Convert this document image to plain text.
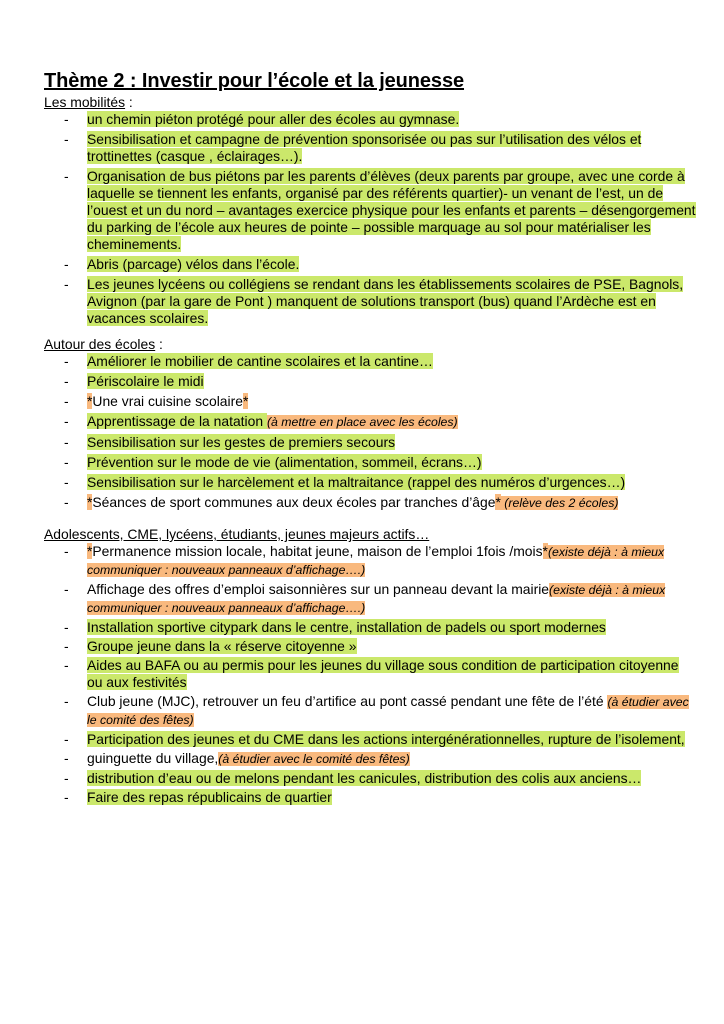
Thème 2 : Investir pour l’école et la jeunesse
Les mobilités :
- un chemin piéton protégé pour aller des écoles au gymnase.
- Sensibilisation et campagne de prévention sponsorisée ou pas sur l’utilisation des vélos et trottinettes (casque , éclairages…).
- Organisation de bus piétons par les parents d’élèves (deux parents par groupe, avec une corde à laquelle se tiennent les enfants, organisé par des référents quartier)- un venant de l’est, un de l’ouest et un du nord – avantages exercice physique pour les enfants et parents – désengorgement du parking de l’école aux heures de pointe – possible marquage au sol pour matérialiser les cheminements.
- Abris (parcage) vélos dans l’école.
- Les jeunes lycéens ou collégiens se rendant dans les établissements scolaires de PSE, Bagnols, Avignon (par la gare de Pont ) manquent de solutions transport (bus) quand l’Ardèche est en vacances scolaires.
Autour des écoles :
- Améliorer le mobilier de cantine scolaires et la cantine…
- Périscolaire le midi
- *Une vrai cuisine scolaire*
- Apprentissage de la natation (à mettre en place avec les écoles)
- Sensibilisation sur les gestes de premiers secours
- Prévention sur le mode de vie (alimentation, sommeil, écrans…)
- Sensibilisation sur le harcèlement et la maltraitance (rappel des numéros d’urgences…)
- *Séances de sport communes aux deux écoles par tranches d’âge* (relève des 2 écoles)
Adolescents, CME, lycéens, étudiants, jeunes majeurs actifs…
- *Permanence mission locale, habitat jeune, maison de l’emploi 1fois /mois*(existe déjà : à mieux communiquer : nouveaux panneaux d’affichage….)
- Affichage des offres d’emploi saisonnières sur un panneau devant la mairie(existe déjà : à mieux communiquer : nouveaux panneaux d’affichage….)
- Installation sportive citypark dans le centre, installation de padels ou sport modernes
- Groupe jeune dans la « réserve citoyenne »
- Aides au BAFA ou au permis pour les jeunes du village sous condition de participation citoyenne ou aux festivités
- Club jeune (MJC), retrouver un feu d’artifice au pont cassé pendant une fête de l’été (à étudier avec le comité des fêtes)
- Participation des jeunes et du CME dans les actions intergénérationnelles, rupture de l’isolement,
- guinguette du village,(à étudier avec le comité des fêtes)
- distribution d’eau ou de melons pendant les canicules, distribution des colis aux anciens…
- Faire des repas républicains de quartier
